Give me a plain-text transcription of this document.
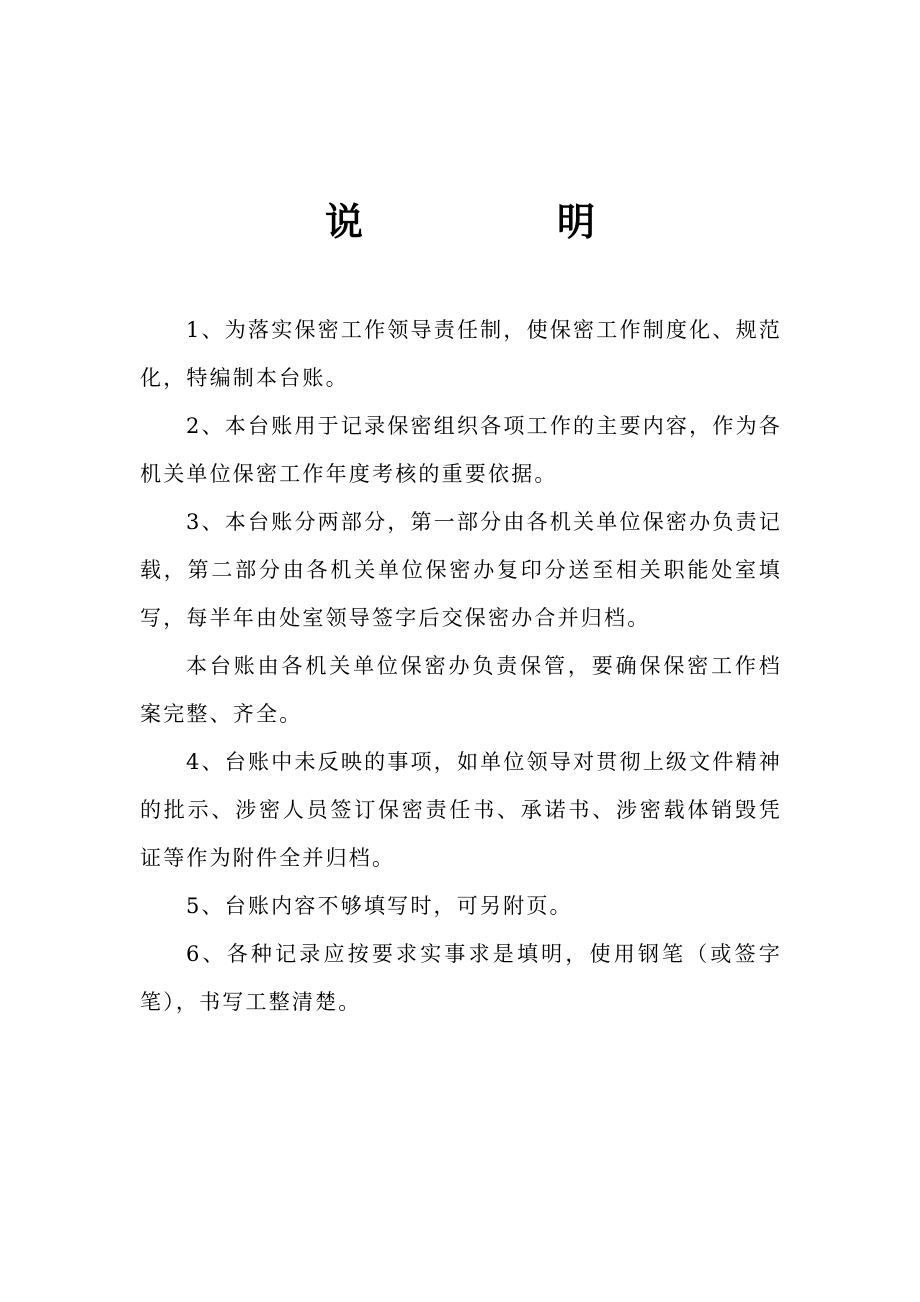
说　明

1、为落实保密工作领导责任制，使保密工作制度化、规范化，特编制本台账。

2、本台账用于记录保密组织各项工作的主要内容，作为各机关单位保密工作年度考核的重要依据。

3、本台账分两部分，第一部分由各机关单位保密办负责记载，第二部分由各机关单位保密办复印分送至相关职能处室填写，每半年由处室领导签字后交保密办合并归档。

本台账由各机关单位保密办负责保管，要确保保密工作档案完整、齐全。

4、台账中未反映的事项，如单位领导对贯彻上级文件精神的批示、涉密人员签订保密责任书、承诺书、涉密载体销毁凭证等作为附件全并归档。

5、台账内容不够填写时，可另附页。

6、各种记录应按要求实事求是填明，使用钢笔（或签字笔），书写工整清楚。
